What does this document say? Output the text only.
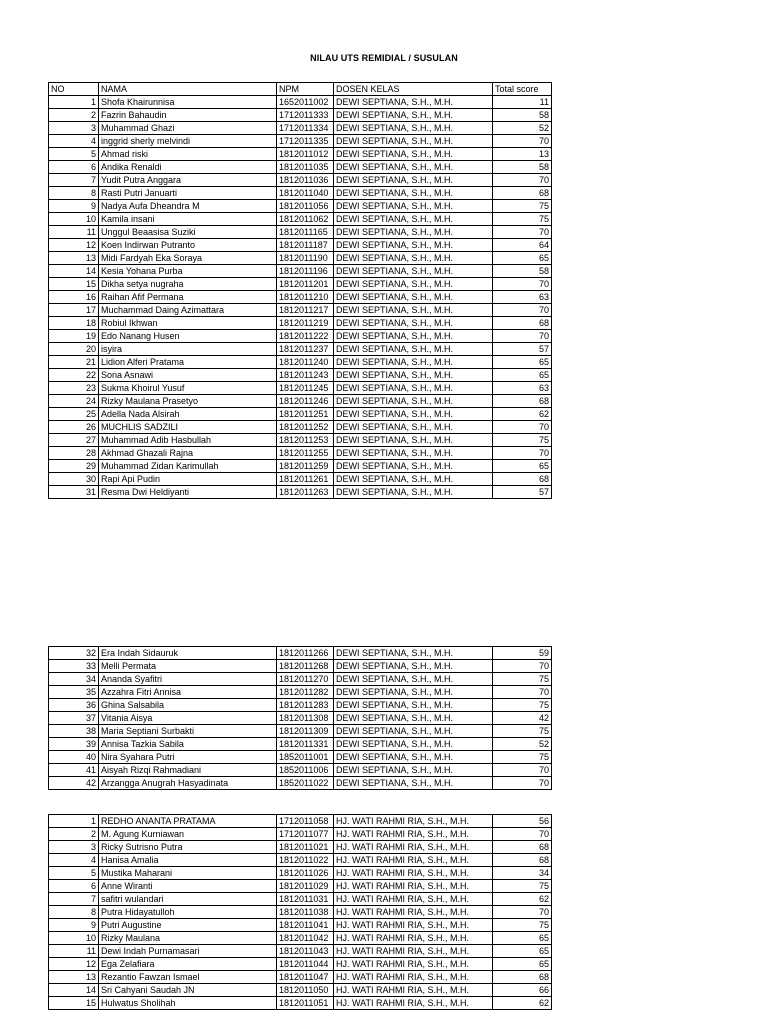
NILAU UTS REMIDIAL / SUSULAN
NO	NAMA	NPM	DOSEN KELAS	Total score
1	Shofa Khairunnisa	1652011002	DEWI SEPTIANA, S.H., M.H.	11
2	Fazrin Bahaudin	1712011333	DEWI SEPTIANA, S.H., M.H.	58
3	Muhammad Ghazi	1712011334	DEWI SEPTIANA, S.H., M.H.	52
4	inggrid sherly melvindi	1712011335	DEWI SEPTIANA, S.H., M.H.	70
5	Ahmad riski	1812011012	DEWI SEPTIANA, S.H., M.H.	13
6	Andika Renaldi	1812011035	DEWI SEPTIANA, S.H., M.H.	58
7	Yudit Putra Anggara	1812011036	DEWI SEPTIANA, S.H., M.H.	70
8	Rasti Putri Januarti	1812011040	DEWI SEPTIANA, S.H., M.H.	68
9	Nadya Aufa Dheandra M	1812011056	DEWI SEPTIANA, S.H., M.H.	75
10	Kamila insani	1812011062	DEWI SEPTIANA, S.H., M.H.	75
11	Unggul Beaasisa Suziki	1812011165	DEWI SEPTIANA, S.H., M.H.	70
12	Koen Indirwan Putranto	1812011187	DEWI SEPTIANA, S.H., M.H.	64
13	Midi Fardyah Eka Soraya	1812011190	DEWI SEPTIANA, S.H., M.H.	65
14	Kesia Yohana Purba	1812011196	DEWI SEPTIANA, S.H., M.H.	58
15	Dikha setya nugraha	1812011201	DEWI SEPTIANA, S.H., M.H.	70
16	Raihan Afif Permana	1812011210	DEWI SEPTIANA, S.H., M.H.	63
17	Muchammad Daing Azimattara	1812011217	DEWI SEPTIANA, S.H., M.H.	70
18	Robiul Ikhwan	1812011219	DEWI SEPTIANA, S.H., M.H.	68
19	Edo Nanang Husen	1812011222	DEWI SEPTIANA, S.H., M.H.	70
20	isyira	1812011237	DEWI SEPTIANA, S.H., M.H.	57
21	Lidion Alferi Pratama	1812011240	DEWI SEPTIANA, S.H., M.H.	65
22	Sona Asnawi	1812011243	DEWI SEPTIANA, S.H., M.H.	65
23	Sukma Khoirul Yusuf	1812011245	DEWI SEPTIANA, S.H., M.H.	63
24	Rizky Maulana Prasetyo	1812011246	DEWI SEPTIANA, S.H., M.H.	68
25	Adella Nada Alsirah	1812011251	DEWI SEPTIANA, S.H., M.H.	62
26	MUCHLIS SADZILI	1812011252	DEWI SEPTIANA, S.H., M.H.	70
27	Muhammad Adib Hasbullah	1812011253	DEWI SEPTIANA, S.H., M.H.	75
28	Akhmad Ghazali Rajna	1812011255	DEWI SEPTIANA, S.H., M.H.	70
29	Muhammad Zidan Karimullah	1812011259	DEWI SEPTIANA, S.H., M.H.	65
30	Rapi Api Pudin	1812011261	DEWI SEPTIANA, S.H., M.H.	68
31	Resma Dwi Heldiyanti	1812011263	DEWI SEPTIANA, S.H., M.H.	57
32	Era Indah Sidauruk	1812011266	DEWI SEPTIANA, S.H., M.H.	59
33	Melli Permata	1812011268	DEWI SEPTIANA, S.H., M.H.	70
34	Ananda Syafitri	1812011270	DEWI SEPTIANA, S.H., M.H.	75
35	Azzahra Fitri Annisa	1812011282	DEWI SEPTIANA, S.H., M.H.	70
36	Ghina Salsabila	1812011283	DEWI SEPTIANA, S.H., M.H.	75
37	Vitania Aisya	1812011308	DEWI SEPTIANA, S.H., M.H.	42
38	Maria Septiani Surbakti	1812011309	DEWI SEPTIANA, S.H., M.H.	75
39	Annisa Tazkia Sabila	1812011331	DEWI SEPTIANA, S.H., M.H.	52
40	Nira Syahara Putri	1852011001	DEWI SEPTIANA, S.H., M.H.	75
41	Aisyah Rizqi Rahmadiani	1852011006	DEWI SEPTIANA, S.H., M.H.	70
42	Arzangga Anugrah Hasyadinata	1852011022	DEWI SEPTIANA, S.H., M.H.	70
1	REDHO ANANTA PRATAMA	1712011058	HJ. WATI RAHMI RIA, S.H., M.H.	56
2	M. Agung Kurniawan	1712011077	HJ. WATI RAHMI RIA, S.H., M.H.	70
3	Ricky Sutrisno Putra	1812011021	HJ. WATI RAHMI RIA, S.H., M.H.	68
4	Hanisa Amalia	1812011022	HJ. WATI RAHMI RIA, S.H., M.H.	68
5	Mustika Maharani	1812011026	HJ. WATI RAHMI RIA, S.H., M.H.	34
6	Anne Wiranti	1812011029	HJ. WATI RAHMI RIA, S.H., M.H.	75
7	safitri wulandari	1812011031	HJ. WATI RAHMI RIA, S.H., M.H.	62
8	Putra Hidayatulloh	1812011038	HJ. WATI RAHMI RIA, S.H., M.H.	70
9	Putri Augustine	1812011041	HJ. WATI RAHMI RIA, S.H., M.H.	75
10	Rizky Maulana	1812011042	HJ. WATI RAHMI RIA, S.H., M.H.	65
11	Dewi Indah Purnamasari	1812011043	HJ. WATI RAHMI RIA, S.H., M.H.	65
12	Ega Zelafiara	1812011044	HJ. WATI RAHMI RIA, S.H., M.H.	65
13	Rezantio Fawzan Ismael	1812011047	HJ. WATI RAHMI RIA, S.H., M.H.	68
14	Sri Cahyani Saudah JN	1812011050	HJ. WATI RAHMI RIA, S.H., M.H.	66
15	Hulwatus Sholihah	1812011051	HJ. WATI RAHMI RIA, S.H., M.H.	62
